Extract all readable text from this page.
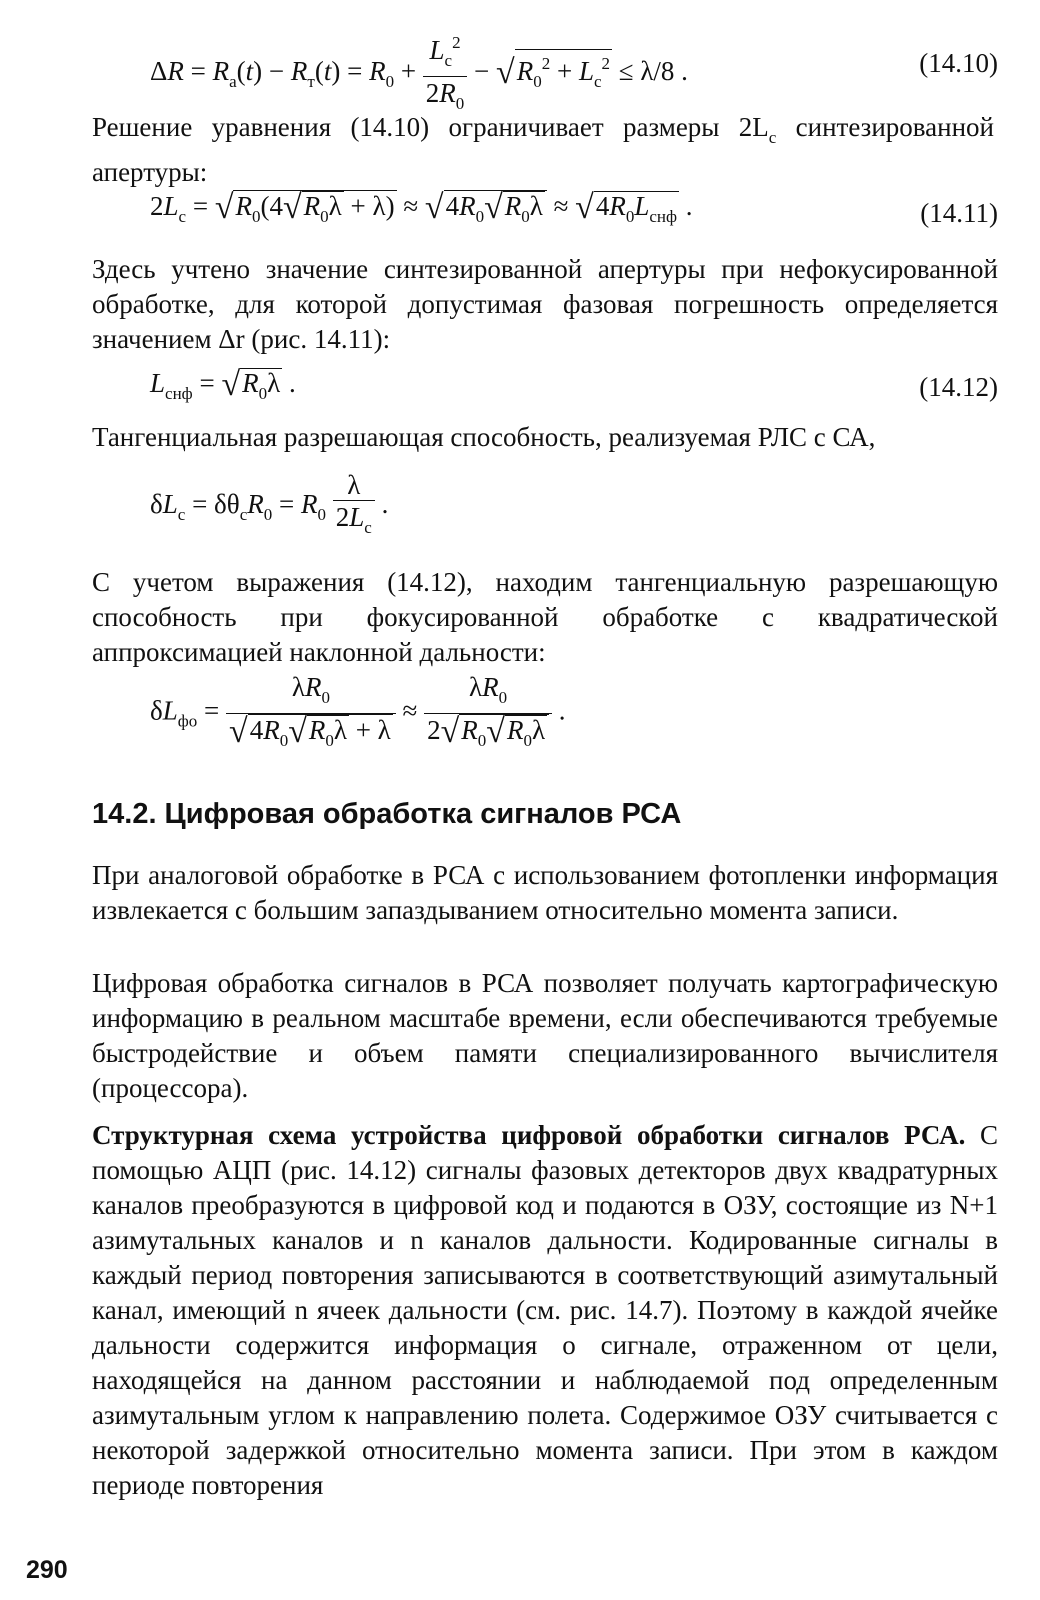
$\Delta R = R_а(t) - R_т(t) = R_0 + \frac{L_c^2}{2R_0} - √R_0^2 + L_c^2 \le \lambda/8$ .	(14.10)
Решение уравнения (14.10) ограничивает размеры $2L_c$ синтезированной апертуры:
$2L_c = √R_0(4√R_0\lambda + \lambda) \approx √4R_0√R_0\lambda \approx √4R_0L_{снф}$ .	(14.11)
Здесь учтено значение синтезированной апертуры при нефокусированной обработке, для которой допустимая фазовая погрешность определяется значением Δr (рис. 14.11):
$L_{снф} = √R_0\lambda$ .	(14.12)
Тангенциальная разрешающая способность, реализуемая РЛС с СА,
$\delta L_c = \delta\theta_cR_0 = R_0 \frac{\lambda}{2L_c}$ .
С учетом выражения (14.12), находим тангенциальную разрешающую способность при фокусированной обработке с квадратической аппроксимацией наклонной дальности:
$\delta L_{фо} = \frac{\lambda R_0}{√4R_0√R_0\lambda + \lambda} \approx \frac{\lambda R_0}{2√R_0√R_0\lambda}$ .
14.2. Цифровая обработка сигналов РСА
При аналоговой обработке в РСА с использованием фотопленки информация извлекается с большим запаздыванием относительно момента записи.
Цифровая обработка сигналов в РСА позволяет получать картографическую информацию в реальном масштабе времени, если обеспечиваются требуемые быстродействие и объем памяти специализированного вычислителя (процессора).
Структурная схема устройства цифровой обработки сигналов РСА. С помощью АЦП (рис. 14.12) сигналы фазовых детекторов двух квадратурных каналов преобразуются в цифровой код и подаются в ОЗУ, состоящие из N+1 азимутальных каналов и n каналов дальности. Кодированные сигналы в каждый период повторения записываются в соответствующий азимутальный канал, имеющий n ячеек дальности (см. рис. 14.7). Поэтому в каждой ячейке дальности содержится информация о сигнале, отраженном от цели, находящейся на данном расстоянии и наблюдаемой под определенным азимутальным углом к направлению полета. Содержимое ОЗУ считывается с некоторой задержкой относительно момента записи. При этом в каждом периоде повторения
290
